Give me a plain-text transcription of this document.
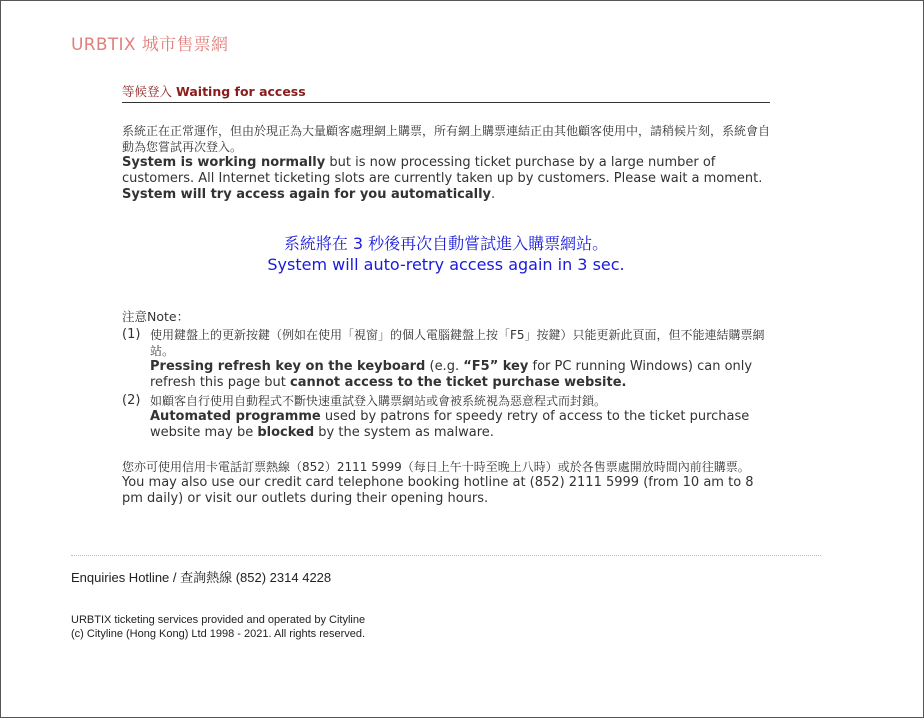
URBTIX 城市售票網
等候登入 Waiting for access
系統正在正常運作，但由於現正為大量顧客處理網上購票，所有網上購票連結正由其他顧客使用中，請稍候片刻，系統會自動為您嘗試再次登入。
System is working normally but is now processing ticket purchase by a large number of customers. All Internet ticketing slots are currently taken up by customers. Please wait a moment. System will try access again for you automatically.
系統將在 3 秒後再次自動嘗試進入購票網站。
System will auto-retry access again in 3 sec.
注意Note：
(1) 使用鍵盤上的更新按鍵（例如在使用「視窗」的個人電腦鍵盤上按「F5」按鍵）只能更新此頁面，但不能連結購票網站。
Pressing refresh key on the keyboard (e.g. “F5” key for PC running Windows) can only refresh this page but cannot access to the ticket purchase website.
(2) 如顧客自行使用自動程式不斷快速重試登入購票網站或會被系統視為惡意程式而封鎖。
Automated programme used by patrons for speedy retry of access to the ticket purchase website may be blocked by the system as malware.
您亦可使用信用卡電話訂票熱線（852）2111 5999（每日上午十時至晚上八時）或於各售票處開放時間內前往購票。
You may also use our credit card telephone booking hotline at (852) 2111 5999 (from 10 am to 8 pm daily) or visit our outlets during their opening hours.
Enquiries Hotline / 查詢熱線 (852) 2314 4228
URBTIX ticketing services provided and operated by Cityline
(c) Cityline (Hong Kong) Ltd 1998 - 2021. All rights reserved.
